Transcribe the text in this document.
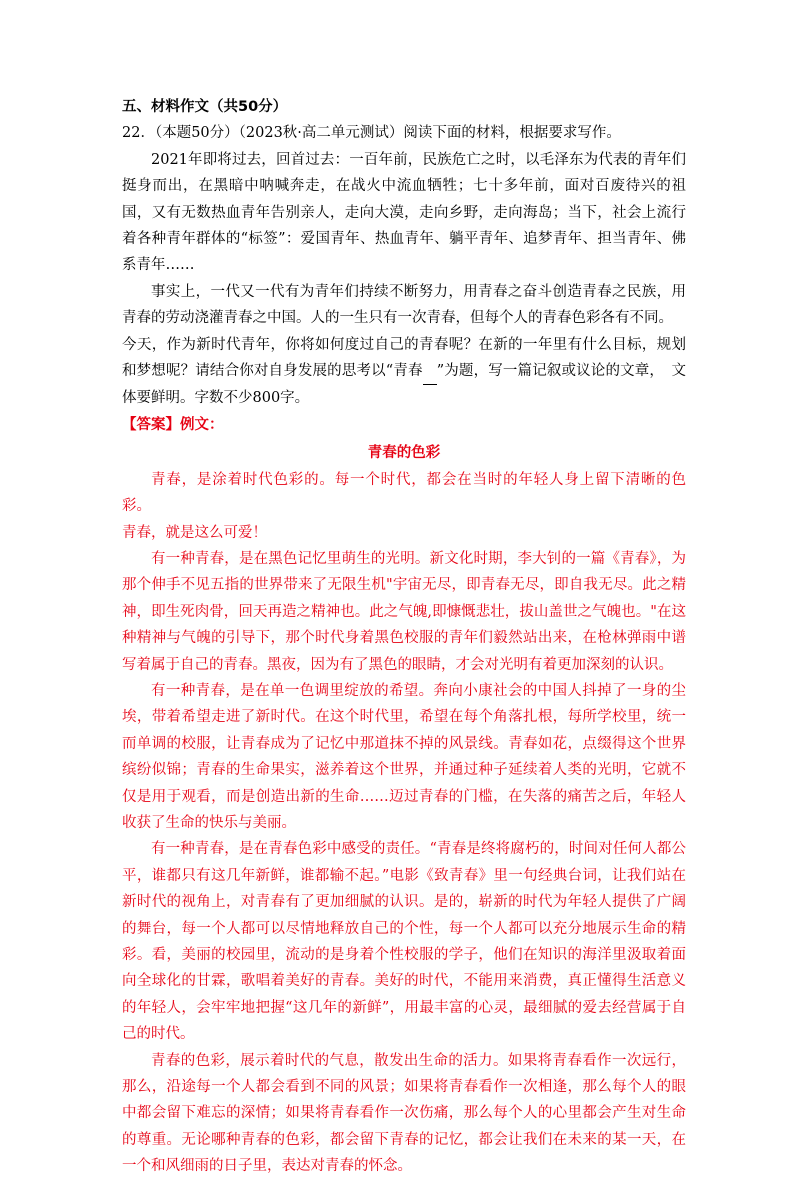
五、材料作文（共50分）

22．（本题50分）（2023秋·高二单元测试）阅读下面的材料，根据要求写作。

2021年即将过去，回首过去：一百年前，民族危亡之时，以毛泽东为代表的青年们挺身而出，在黑暗中呐喊奔走，在战火中流血牺牲；七十多年前，面对百废待兴的祖国，又有无数热血青年告别亲人，走向大漠，走向乡野，走向海岛；当下，社会上流行着各种青年群体的“标签”：爱国青年、热血青年、躺平青年、追梦青年、担当青年、佛系青年……

事实上，一代又一代有为青年们持续不断努力，用青春之奋斗创造青春之民族，用青春的劳动浇灌青春之中国。人的一生只有一次青春，但每个人的青春色彩各有不同。

今天，作为新时代青年，你将如何度过自己的青春呢？在新的一年里有什么目标，规划和梦想呢？请结合你对自身发展的思考以“青春 ”为题，写一篇记叙或议论的文章，　文体要鲜明。字数不少800字。

【答案】例文：
青春的色彩

青春，是涂着时代色彩的。每一个时代，都会在当时的年轻人身上留下清晰的色彩。

青春，就是这么可爱！

有一种青春，是在黑色记忆里萌生的光明。新文化时期，李大钊的一篇《青春》，为那个伸手不见五指的世界带来了无限生机"宇宙无尽，即青春无尽，即自我无尽。此之精神，即生死肉骨，回天再造之精神也。此之气魄,即慷慨悲壮，拔山盖世之气魄也。"在这种精神与气魄的引导下，那个时代身着黑色校服的青年们毅然站出来，在枪林弹雨中谱写着属于自己的青春。黑夜，因为有了黑色的眼睛，才会对光明有着更加深刻的认识。

有一种青春，是在单一色调里绽放的希望。奔向小康社会的中国人抖掉了一身的尘埃，带着希望走进了新时代。在这个时代里，希望在每个角落扎根，每所学校里，统一而单调的校服，让青春成为了记忆中那道抹不掉的风景线。青春如花，点缀得这个世界缤纷似锦；青春的生命果实，滋养着这个世界，并通过种子延续着人类的光明，它就不仅是用于观看，而是创造出新的生命……迈过青春的门槛，在失落的痛苦之后，年轻人收获了生命的快乐与美丽。

有一种青春，是在青春色彩中感受的责任。“青春是终将腐朽的，时间对任何人都公平，谁都只有这几年新鲜，谁都输不起。”电影《致青春》里一句经典台词，让我们站在新时代的视角上，对青春有了更加细腻的认识。是的，崭新的时代为年轻人提供了广阔的舞台，每一个人都可以尽情地释放自己的个性，每一个人都可以充分地展示生命的精彩。看，美丽的校园里，流动的是身着个性校服的学子，他们在知识的海洋里汲取着面向全球化的甘霖，歌唱着美好的青春。美好的时代，不能用来消费，真正懂得生活意义的年轻人，会牢牢地把握“这几年的新鲜”，用最丰富的心灵，最细腻的爱去经营属于自己的时代。

青春的色彩，展示着时代的气息，散发出生命的活力。如果将青春看作一次远行，那么，沿途每一个人都会看到不同的风景；如果将青春看作一次相逢，那么每个人的眼中都会留下难忘的深情；如果将青春看作一次伤痛，那么每个人的心里都会产生对生命的尊重。无论哪种青春的色彩，都会留下青春的记忆，都会让我们在未来的某一天，在一个和风细雨的日子里，表达对青春的怀念。
